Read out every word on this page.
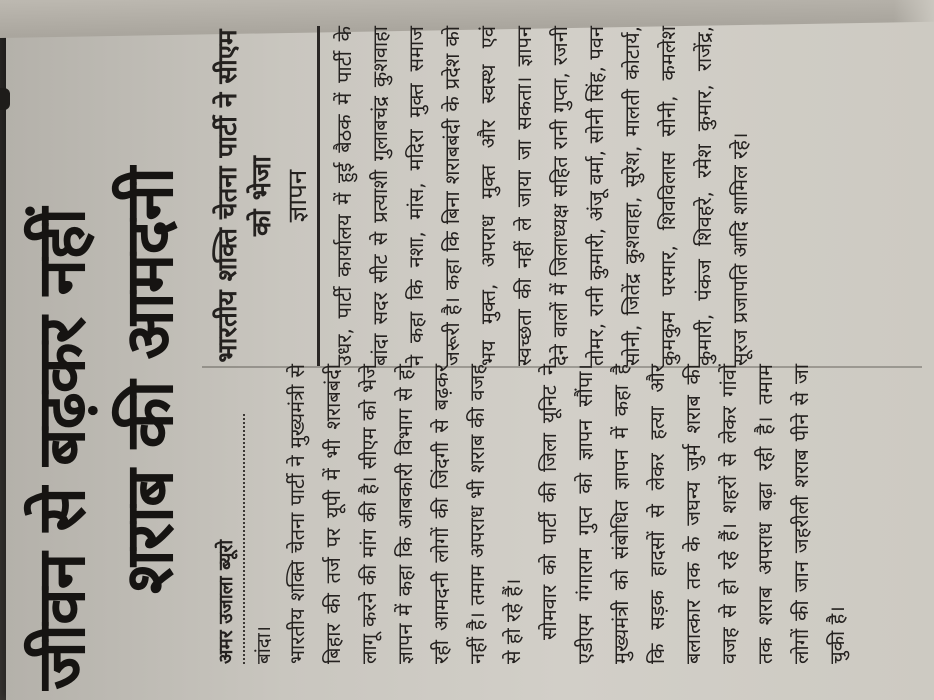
जीवन से बढ़कर नहीं शराब की आमदनी
अमर उजाला ब्यूरो बांदा। भारतीय शक्ति चेतना पार्टी ने मुख्यमंत्री से बिहार की तर्ज पर यूपी में भी शराबबंदी लागू करने की मांग की है। सीएम को भेजे ज्ञापन में कहा कि आबकारी विभाग से हो रही आमदनी लोगों की जिंदगी से बढ़कर नहीं है। तमाम अपराध भी शराब की वजह से हो रहे हैं। सोमवार को पार्टी की जिला यूनिट ने एडीएम गंगाराम गुप्त को ज्ञापन सौंपा। मुख्यमंत्री को संबोधित ज्ञापन में कहा है कि सड़क हादसों से लेकर हत्या और बलात्कार तक के जघन्य जुर्म शराब की वजह से हो रहे हैं। शहरों से लेकर गांवों तक शराब अपराध बढ़ा रही है। तमाम लोगों की जान जहरीली शराब पीने से जा चुकी है।

भारतीय शक्ति चेतना पार्टी ने सीएम को भेजा ज्ञापन उधर, पार्टी कार्यालय में हुई बैठक में पार्टी के बांदा सदर सीट से प्रत्याशी गुलाबचंद्र कुशवाहा ने कहा कि नशा, मांस, मदिरा मुक्त समाज जरूरी है। कहा कि बिना शराबबंदी के प्रदेश को भय मुक्त, अपराध मुक्त और स्वस्थ एवं स्वच्छता की नहीं ले जाया जा सकता। ज्ञापन देने वालों में जिलाध्यक्ष सहित रानी गुप्ता, रजनी तोमर, रानी कुमारी, अंजू वर्मा, सोनी सिंह, पवन सोनी, जितेंद्र कुशवाहा, सुरेश, मालती कोटार्य, कुमकुम परमार, शिवविलास सोनी, कमलेश कुमारी, पंकज शिवहरे, रमेश कुमार, राजेंद्र, सूरज प्रजापति आदि शामिल रहे।
